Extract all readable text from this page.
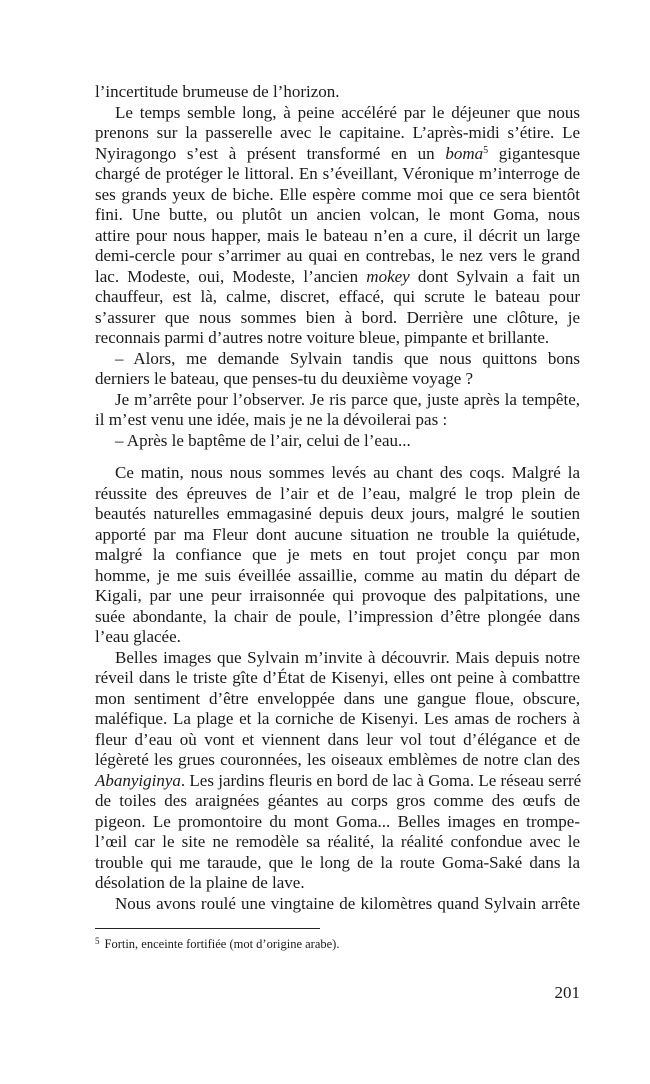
l’incertitude brumeuse de l’horizon.
Le temps semble long, à peine accéléré par le déjeuner que nous
prenons sur la passerelle avec le capitaine. L’après-midi s’étire. Le
Nyiragongo s’est à présent transformé en un boma$^5$ gigantesque
chargé de protéger le littoral. En s’éveillant, Véronique m’interroge de
ses grands yeux de biche. Elle espère comme moi que ce sera bientôt
fini. Une butte, ou plutôt un ancien volcan, le mont Goma, nous
attire pour nous happer, mais le bateau n’en a cure, il décrit un large
demi-cercle pour s’arrimer au quai en contrebas, le nez vers le grand
lac. Modeste, oui, Modeste, l’ancien mokey dont Sylvain a fait un
chauffeur, est là, calme, discret, effacé, qui scrute le bateau pour
s’assurer que nous sommes bien à bord. Derrière une clôture, je
reconnais parmi d’autres notre voiture bleue, pimpante et brillante.
– Alors, me demande Sylvain tandis que nous quittons bons
derniers le bateau, que penses-tu du deuxième voyage ?
Je m’arrête pour l’observer. Je ris parce que, juste après la tempête,
il m’est venu une idée, mais je ne la dévoilerai pas :
– Après le baptême de l’air, celui de l’eau...
Ce matin, nous nous sommes levés au chant des coqs. Malgré la
réussite des épreuves de l’air et de l’eau, malgré le trop plein de
beautés naturelles emmagasiné depuis deux jours, malgré le soutien
apporté par ma Fleur dont aucune situation ne trouble la quiétude,
malgré la confiance que je mets en tout projet conçu par mon
homme, je me suis éveillée assaillie, comme au matin du départ de
Kigali, par une peur irraisonnée qui provoque des palpitations, une
suée abondante, la chair de poule, l’impression d’être plongée dans
l’eau glacée.
Belles images que Sylvain m’invite à découvrir. Mais depuis notre
réveil dans le triste gîte d’État de Kisenyi, elles ont peine à combattre
mon sentiment d’être enveloppée dans une gangue floue, obscure,
maléfique. La plage et la corniche de Kisenyi. Les amas de rochers à
fleur d’eau où vont et viennent dans leur vol tout d’élégance et de
légèreté les grues couronnées, les oiseaux emblèmes de notre clan des
Abanyiginya. Les jardins fleuris en bord de lac à Goma. Le réseau serré
de toiles des araignées géantes au corps gros comme des œufs de
pigeon. Le promontoire du mont Goma... Belles images en trompe-
l’œil car le site ne remodèle sa réalité, la réalité confondue avec le
trouble qui me taraude, que le long de la route Goma-Saké dans la
désolation de la plaine de lave.
Nous avons roulé une vingtaine de kilomètres quand Sylvain arrête
$^5$ Fortin, enceinte fortifiée (mot d’origine arabe).
201
